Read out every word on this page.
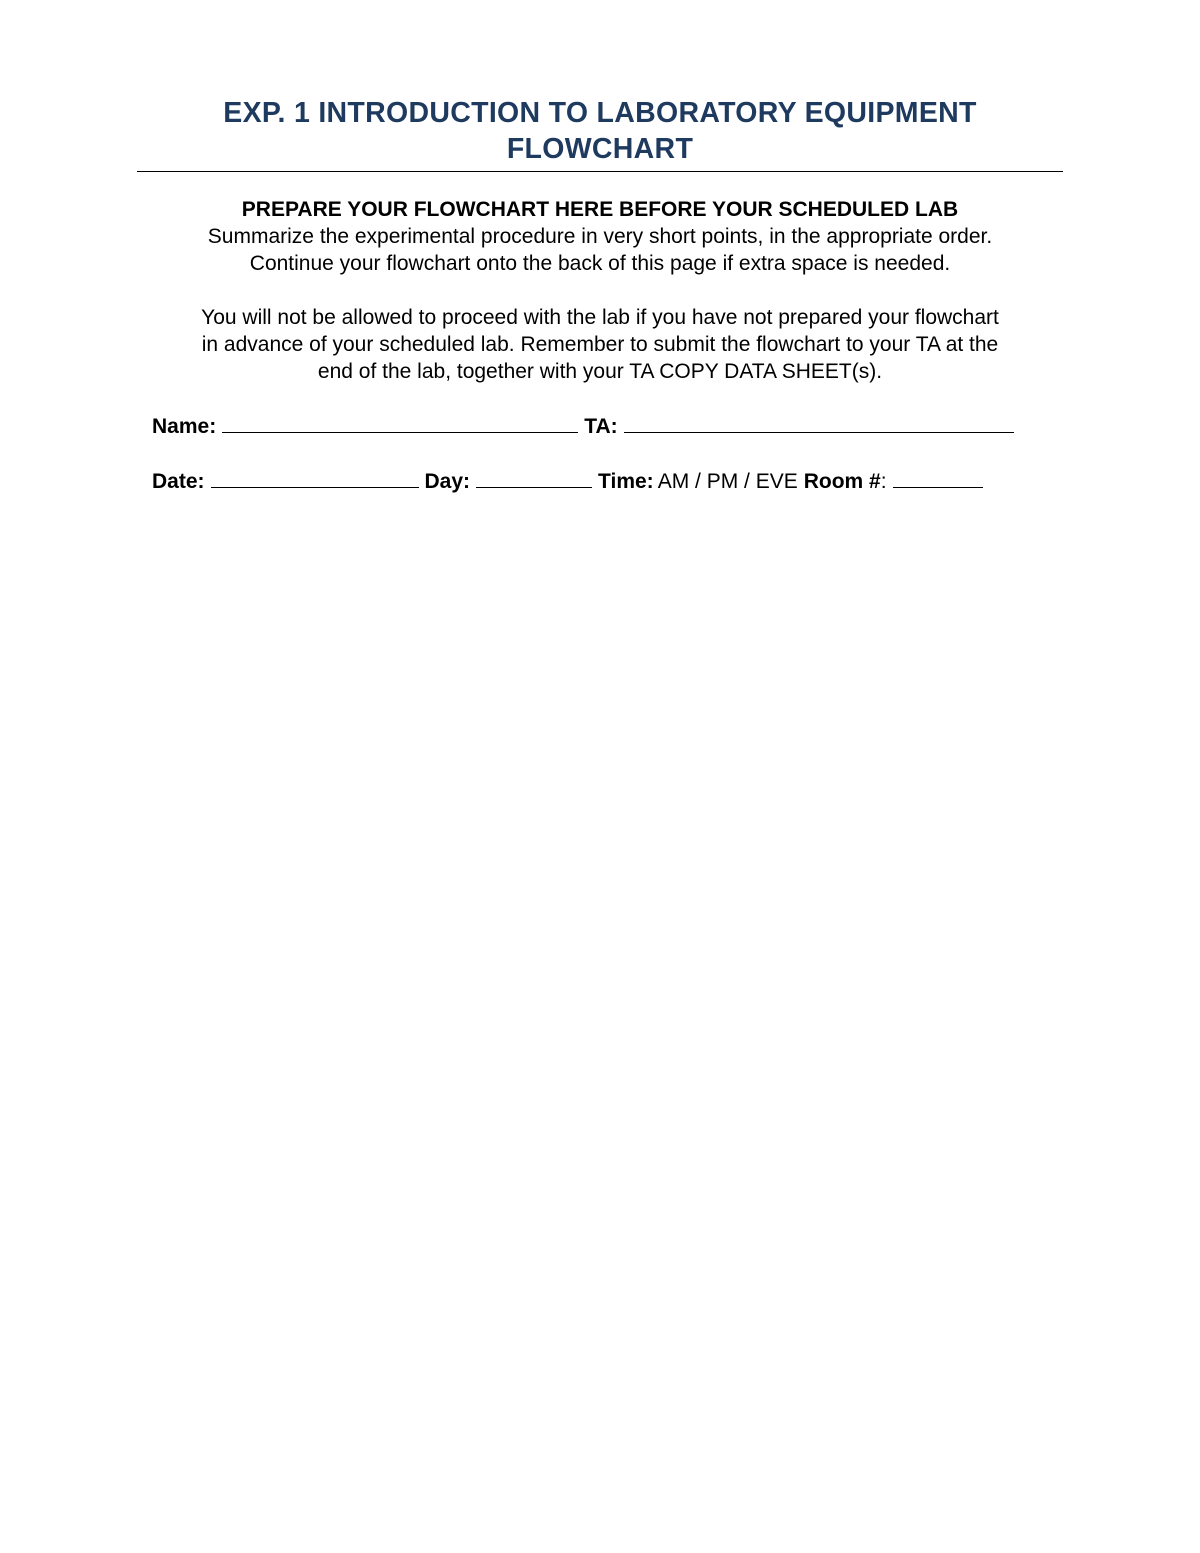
EXP. 1 INTRODUCTION TO LABORATORY EQUIPMENT
FLOWCHART

PREPARE YOUR FLOWCHART HERE BEFORE YOUR SCHEDULED LAB

Summarize the experimental procedure in very short points, in the appropriate order.

Continue your flowchart onto the back of this page if extra space is needed.

You will not be allowed to proceed with the lab if you have not prepared your flowchart

in advance of your scheduled lab. Remember to submit the flowchart to your TA at the

end of the lab, together with your TA COPY DATA SHEET(s).

Name:	TA:
Date:	Day:	Time: AM / PM / EVE Room #:
